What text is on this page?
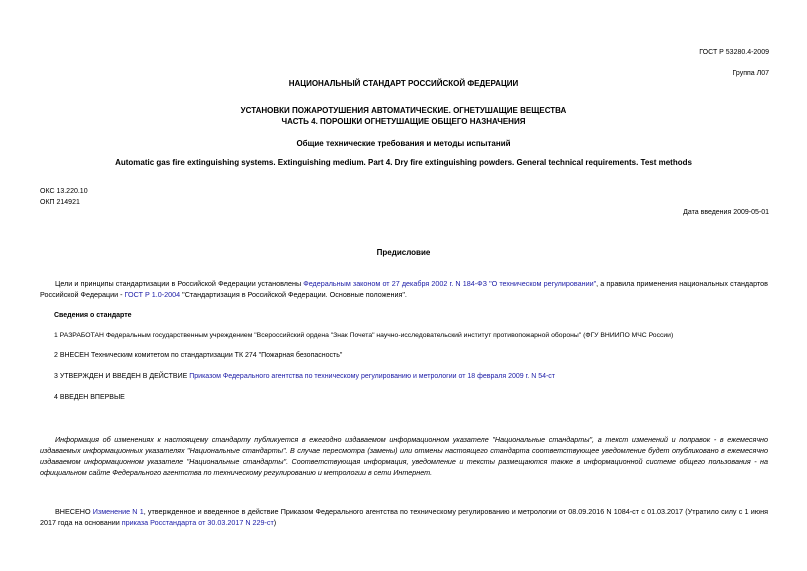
ГОСТ Р 53280.4-2009
Группа Л07
НАЦИОНАЛЬНЫЙ СТАНДАРТ РОССИЙСКОЙ ФЕДЕРАЦИИ
УСТАНОВКИ ПОЖАРОТУШЕНИЯ АВТОМАТИЧЕСКИЕ. ОГНЕТУШАЩИЕ ВЕЩЕСТВА
ЧАСТЬ 4. ПОРОШКИ ОГНЕТУШАЩИЕ ОБЩЕГО НАЗНАЧЕНИЯ
Общие технические требования и методы испытаний
Automatic gas fire extinguishing systems. Extinguishing medium. Part 4. Dry fire extinguishing powders. General technical requirements. Test methods
ОКС 13.220.10
ОКП 214921
Дата введения 2009-05-01
Предисловие
Цели и принципы стандартизации в Российской Федерации установлены Федеральным законом от 27 декабря 2002 г. N 184-ФЗ "О техническом регулировании", а правила применения национальных стандартов Российской Федерации - ГОСТ Р 1.0-2004 "Стандартизация в Российской Федерации. Основные положения".
Сведения о стандарте
1 РАЗРАБОТАН Федеральным государственным учреждением "Всероссийский ордена "Знак Почета" научно-исследовательский институт противопожарной обороны" (ФГУ ВНИИПО МЧС России)
2 ВНЕСЕН Техническим комитетом по стандартизации ТК 274 "Пожарная безопасность"
3 УТВЕРЖДЕН И ВВЕДЕН В ДЕЙСТВИЕ Приказом Федерального агентства по техническому регулированию и метрологии от 18 февраля 2009 г. N 54-ст
4 ВВЕДЕН ВПЕРВЫЕ
Информация об изменениях к настоящему стандарту публикуется в ежегодно издаваемом информационном указателе "Национальные стандарты", а текст изменений и поправок - в ежемесячно издаваемых информационных указателях "Национальные стандарты". В случае пересмотра (замены) или отмены настоящего стандарта соответствующее уведомление будет опубликовано в ежемесячно издаваемом информационном указателе "Национальные стандарты". Соответствующая информация, уведомление и тексты размещаются также в информационной системе общего пользования - на официальном сайте Федерального агентства по техническому регулированию и метрологии в сети Интернет.
ВНЕСЕНО Изменение N 1, утвержденное и введенное в действие Приказом Федерального агентства по техническому регулированию и метрологии от 08.09.2016 N 1084-ст с 01.03.2017 (Утратило силу с 1 июня 2017 года на основании приказа Росстандарта от 30.03.2017 N 229-ст)
